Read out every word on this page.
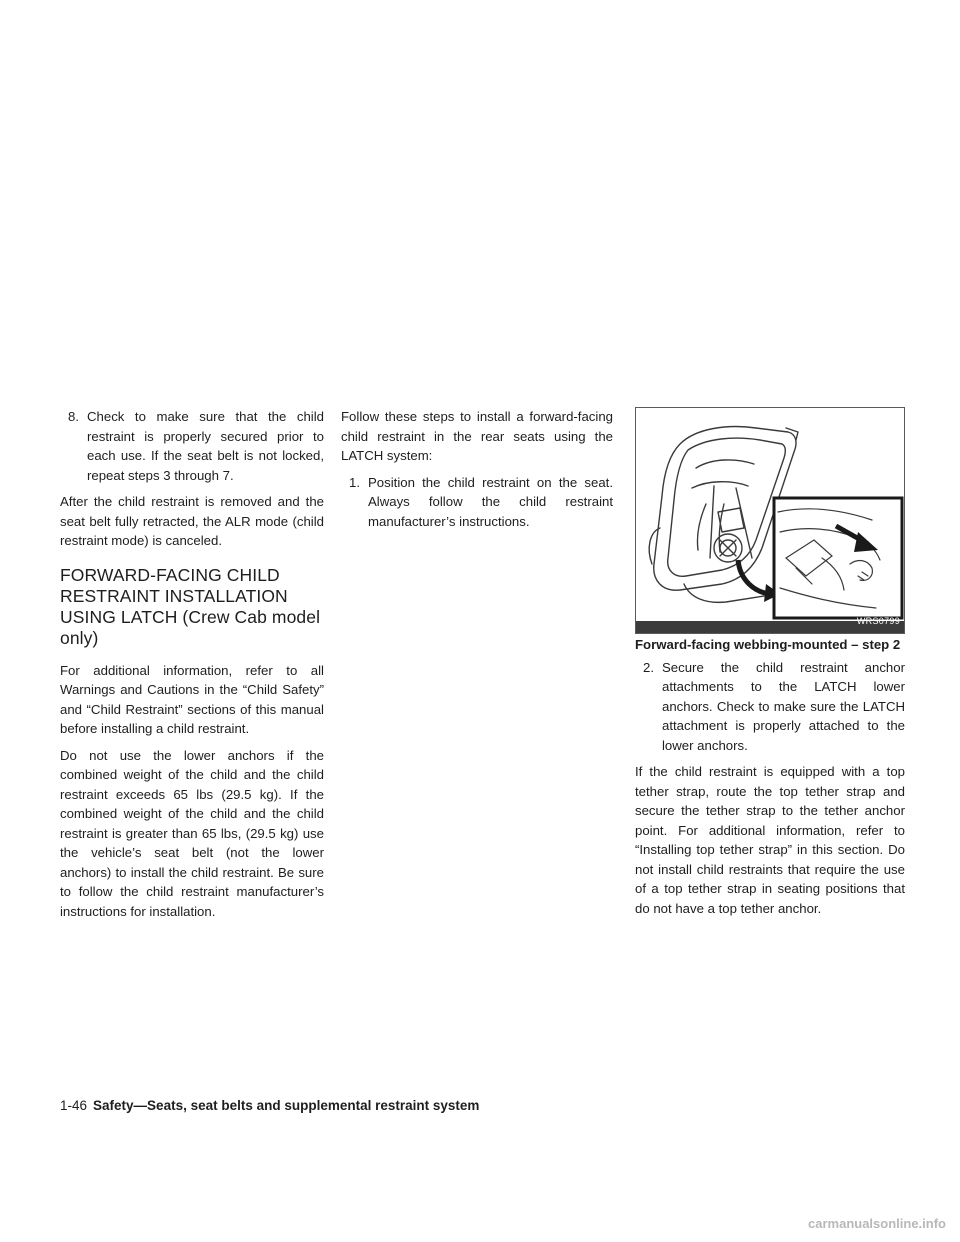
8. Check to make sure that the child restraint is properly secured prior to each use. If the seat belt is not locked, repeat steps 3 through 7.

After the child restraint is removed and the seat belt fully retracted, the ALR mode (child restraint mode) is canceled.

FORWARD-FACING CHILD RESTRAINT INSTALLATION USING LATCH (Crew Cab model only)

For additional information, refer to all Warnings and Cautions in the “Child Safety” and “Child Restraint” sections of this manual before installing a child restraint.

Do not use the lower anchors if the combined weight of the child and the child restraint exceeds 65 lbs (29.5 kg). If the combined weight of the child and the child restraint is greater than 65 lbs, (29.5 kg) use the vehicle’s seat belt (not the lower anchors) to install the child restraint. Be sure to follow the child restraint manufacturer’s instructions for installation.

Follow these steps to install a forward-facing child restraint in the rear seats using the LATCH system:

1. Position the child restraint on the seat. Always follow the child restraint manufacturer’s instructions.
WRS0799
Forward-facing webbing-mounted – step 2
2. Secure the child restraint anchor attachments to the LATCH lower anchors. Check to make sure the LATCH attachment is properly attached to the lower anchors.

If the child restraint is equipped with a top tether strap, route the top tether strap and secure the tether strap to the tether anchor point. For additional information, refer to “Installing top tether strap” in this section. Do not install child restraints that require the use of a top tether strap in seating positions that do not have a top tether anchor.

1-46 Safety—Seats, seat belts and supplemental restraint system
carmanualsonline.info
